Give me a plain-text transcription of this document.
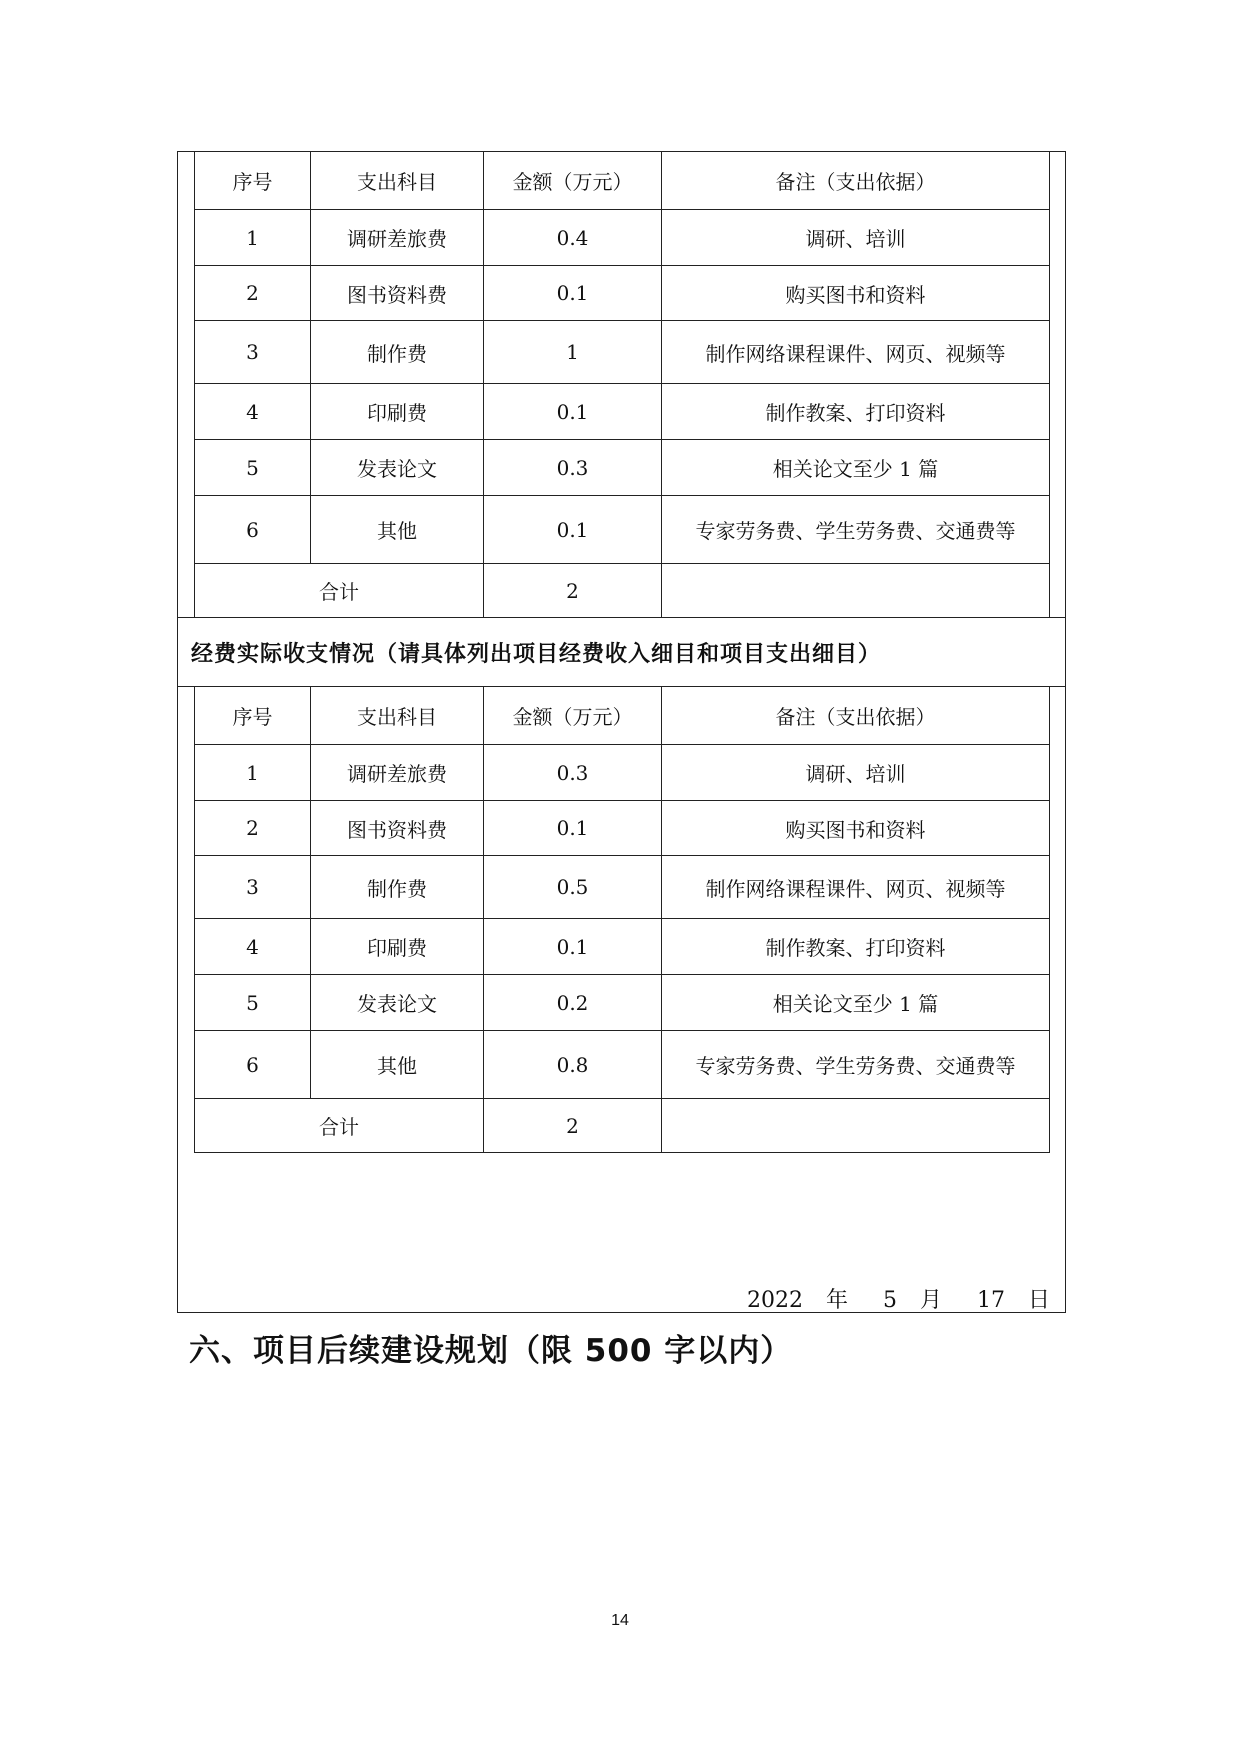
序号	支出科目	金额（万元）	备注（支出依据）
1	调研差旅费	0.4	调研、培训
2	图书资料费	0.1	购买图书和资料
3	制作费	1	制作网络课程课件、网页、视频等
4	印刷费	0.1	制作教案、打印资料
5	发表论文	0.3	相关论文至少 1 篇
6	其他	0.1	专家劳务费、学生劳务费、交通费等
合计		2	
经费实际收支情况（请具体列出项目经费收入细目和项目支出细目）
序号	支出科目	金额（万元）	备注（支出依据）
1	调研差旅费	0.3	调研、培训
2	图书资料费	0.1	购买图书和资料
3	制作费	0.5	制作网络课程课件、网页、视频等
4	印刷费	0.1	制作教案、打印资料
5	发表论文	0.2	相关论文至少 1 篇
6	其他	0.8	专家劳务费、学生劳务费、交通费等
合计		2	
2022 年 5 月 17 日
六、项目后续建设规划（限 500 字以内）
14
